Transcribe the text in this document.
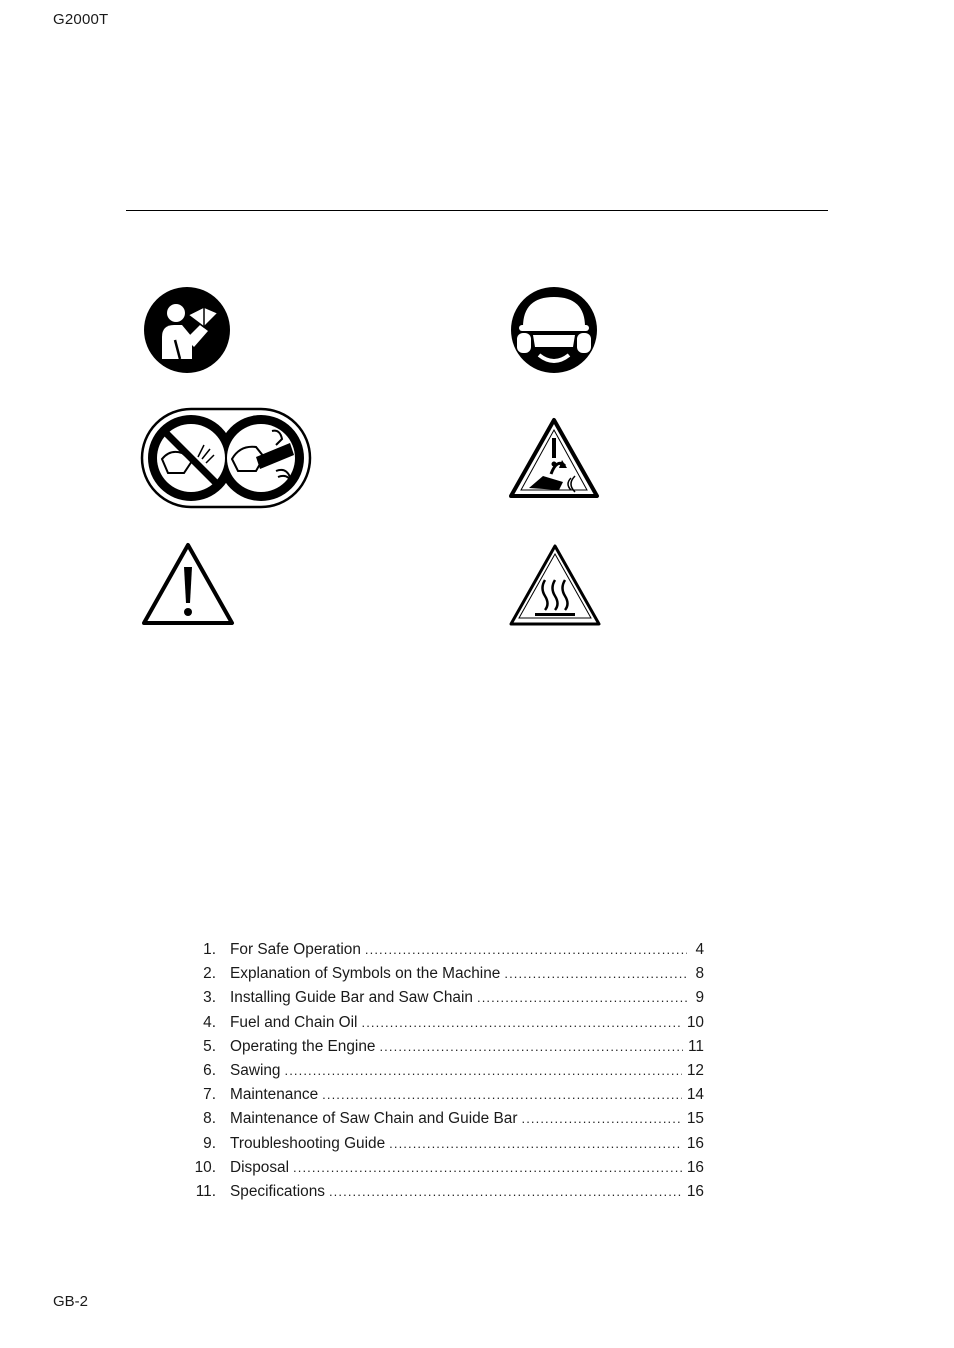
G2000T
1. For Safe Operation .....	4
2. Explanation of Symbols on the Machine .....	8
3. Installing Guide Bar and Saw Chain .....	9
4. Fuel and Chain Oil .....	10
5. Operating the Engine .....	11
6. Sawing .....	12
7. Maintenance .....	14
8. Maintenance of Saw Chain and Guide Bar .....	15
9. Troubleshooting Guide .....	16
10. Disposal .....	16
11. Specifications .....	16
GB-2
